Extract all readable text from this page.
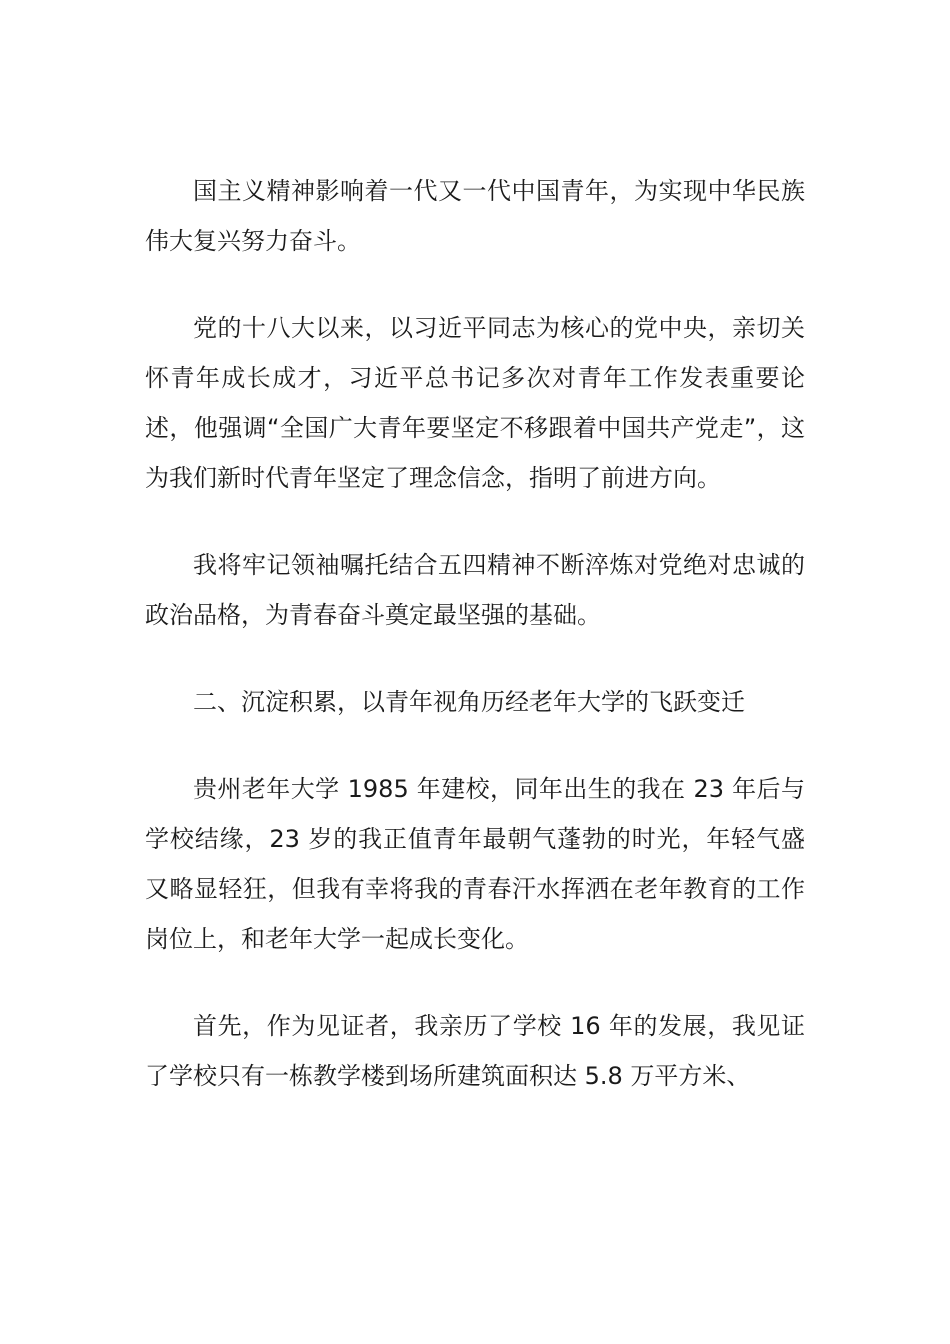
国主义精神影响着一代又一代中国青年，为实现中华民族伟大复兴努力奋斗。

党的十八大以来，以习近平同志为核心的党中央，亲切关怀青年成长成才，习近平总书记多次对青年工作发表重要论述，他强调“全国广大青年要坚定不移跟着中国共产党走”，这为我们新时代青年坚定了理念信念，指明了前进方向。

我将牢记领袖嘱托结合五四精神不断淬炼对党绝对忠诚的政治品格，为青春奋斗奠定最坚强的基础。

二、沉淀积累，以青年视角历经老年大学的飞跃变迁

贵州老年大学 1985 年建校，同年出生的我在 23 年后与学校结缘，23 岁的我正值青年最朝气蓬勃的时光，年轻气盛又略显轻狂，但我有幸将我的青春汗水挥洒在老年教育的工作岗位上，和老年大学一起成长变化。

首先，作为见证者，我亲历了学校 16 年的发展，我见证了学校只有一栋教学楼到场所建筑面积达 5.8 万平方米、
